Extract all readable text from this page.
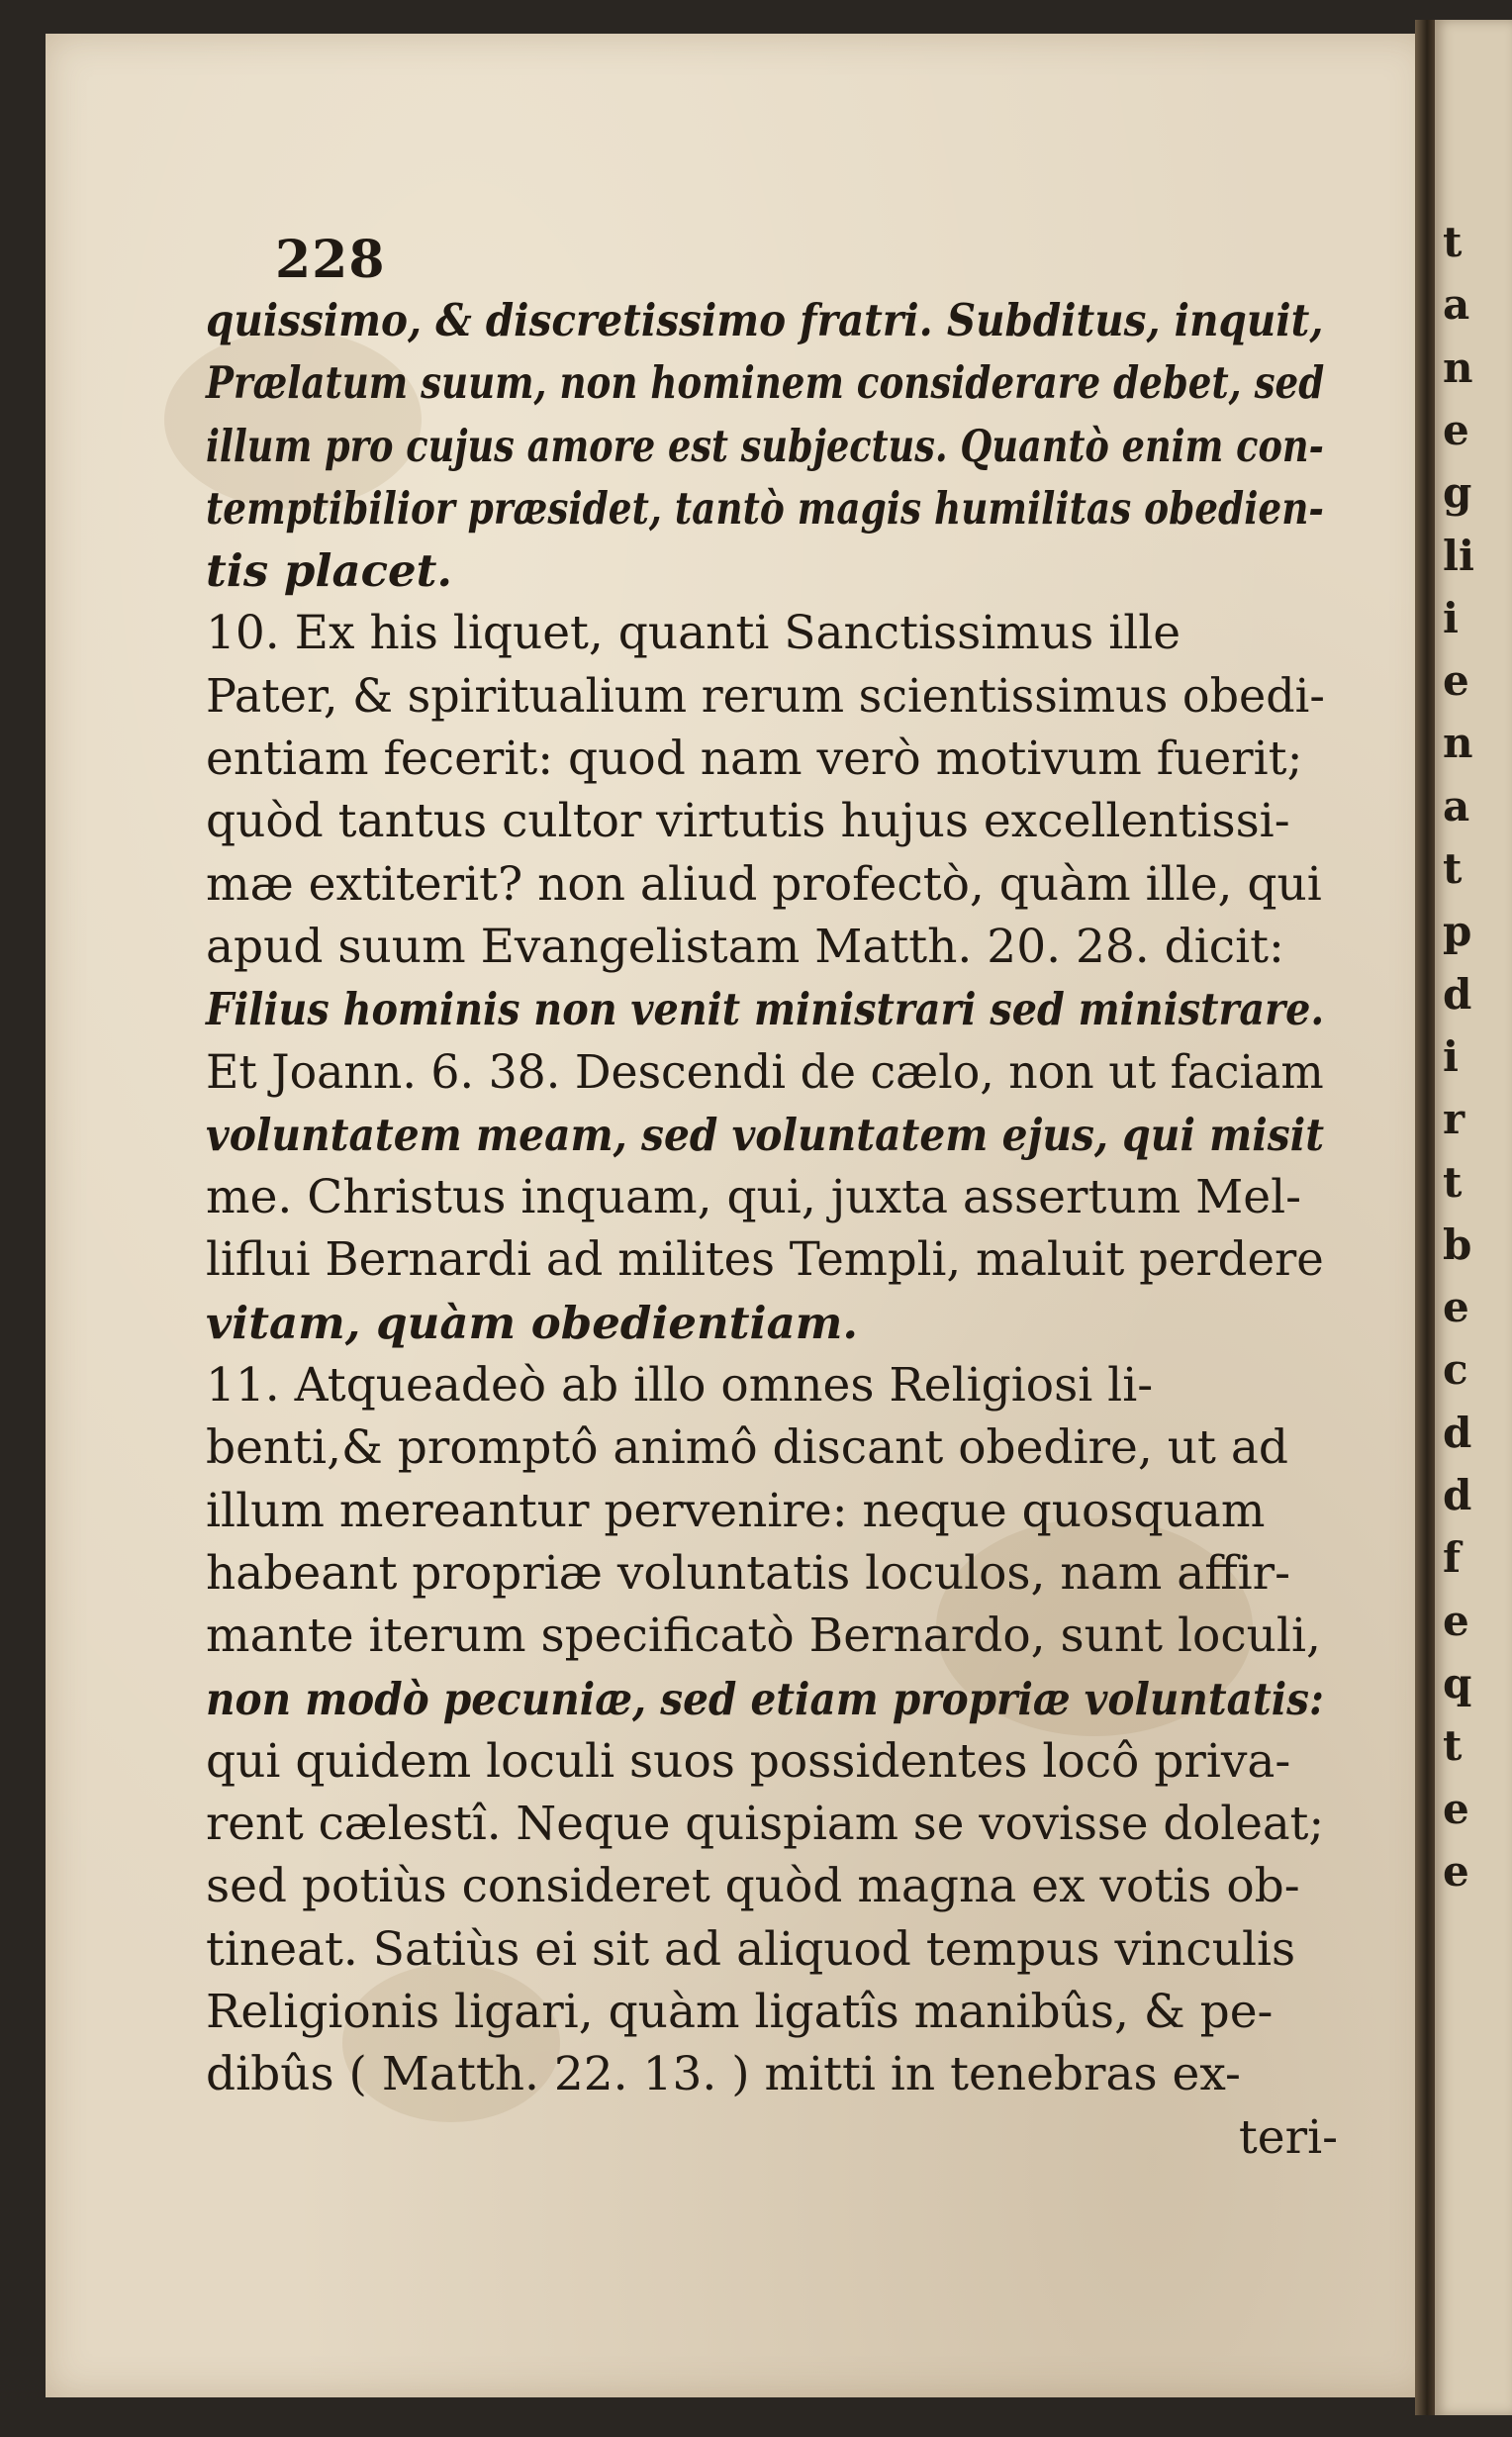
t
a
n
e
g
li
i
e
n
a
t
p
d
i
r
t
b
e
c
d
d
f
e
q
t
e
e
228
quissimo, & discretissimo fratri. Subditus, inquit,
Prælatum suum, non hominem considerare debet, sed
illum pro cujus amore est subjectus. Quantò enim con-
temptibilior præsidet, tantò magis humilitas obedien-
tis placet.
10. Ex his liquet, quanti Sanctissimus ille
Pater, & spiritualium rerum scientissimus obedi-
entiam fecerit: quod nam verò motivum fuerit;
quòd tantus cultor virtutis hujus excellentissi-
mæ extiterit? non aliud profectò, quàm ille, qui
apud suum Evangelistam Matth. 20. 28. dicit:
Filius hominis non venit ministrari sed ministrare.
Et Joann. 6. 38. Descendi de cælo, non ut faciam
voluntatem meam, sed voluntatem ejus, qui misit
me. Christus inquam, qui, juxta assertum Mel-
liflui Bernardi ad milites Templi, maluit perdere
vitam, quàm obedientiam.
11. Atqueadeò ab illo omnes Religiosi li-
benti,& promptô animô discant obedire, ut ad
illum mereantur pervenire: neque quosquam
habeant propriæ voluntatis loculos, nam affir-
mante iterum specificatò Bernardo, sunt loculi,
non modò pecuniæ, sed etiam propriæ voluntatis:
qui quidem loculi suos possidentes locô priva-
rent cælestî. Neque quispiam se vovisse doleat;
sed potiùs consideret quòd magna ex votis ob-
tineat. Satiùs ei sit ad aliquod tempus vinculis
Religionis ligari, quàm ligatîs manibûs, & pe-
dibûs ( Matth. 22. 13. ) mitti in tenebras ex-
teri-
